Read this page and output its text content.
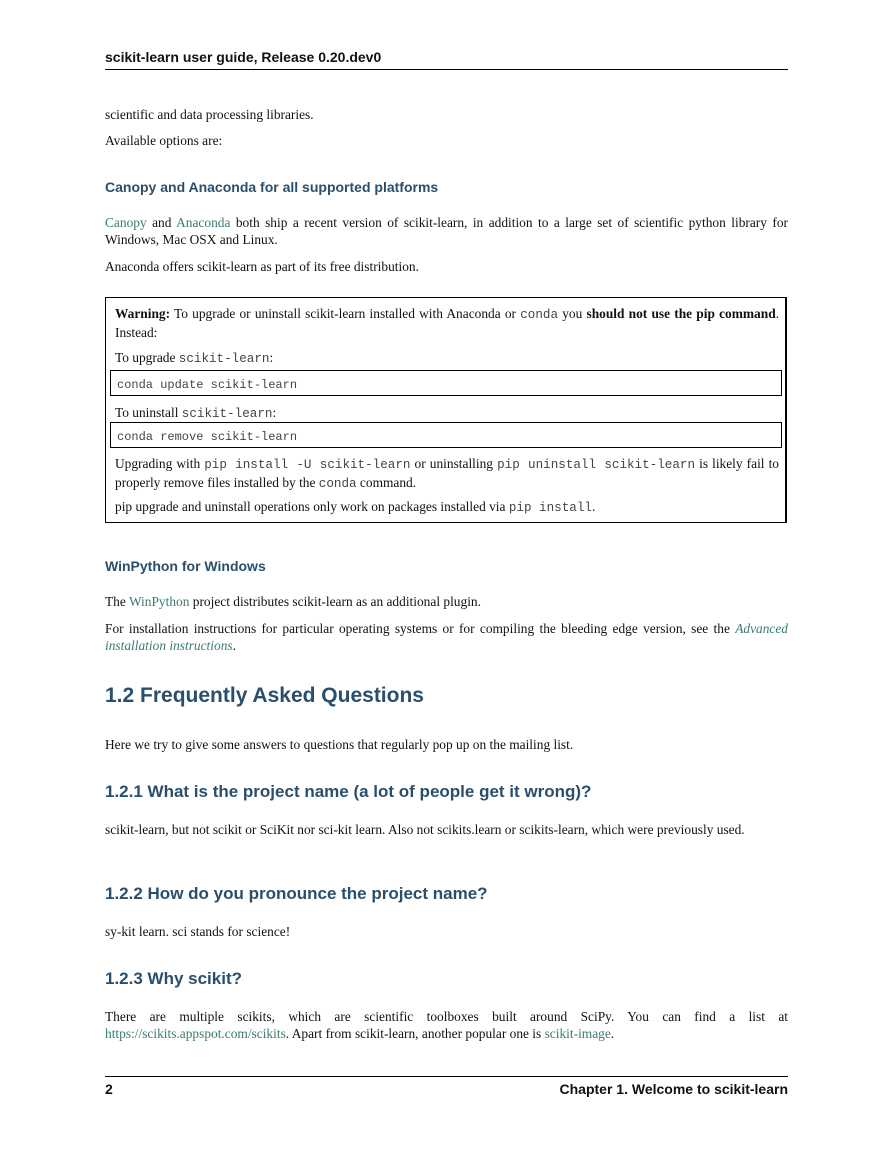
scikit-learn user guide, Release 0.20.dev0

scientific and data processing libraries.

Available options are:

Canopy and Anaconda for all supported platforms

Canopy and Anaconda both ship a recent version of scikit-learn, in addition to a large set of scientific python library for Windows, Mac OSX and Linux.

Anaconda offers scikit-learn as part of its free distribution.

Warning: To upgrade or uninstall scikit-learn installed with Anaconda or conda you should not use the pip command. Instead:

To upgrade scikit-learn:

conda update scikit-learn

To uninstall scikit-learn:

conda remove scikit-learn

Upgrading with pip install -U scikit-learn or uninstalling pip uninstall scikit-learn is likely fail to properly remove files installed by the conda command.

pip upgrade and uninstall operations only work on packages installed via pip install.

WinPython for Windows

The WinPython project distributes scikit-learn as an additional plugin.

For installation instructions for particular operating systems or for compiling the bleeding edge version, see the Advanced installation instructions.

1.2 Frequently Asked Questions

Here we try to give some answers to questions that regularly pop up on the mailing list.

1.2.1 What is the project name (a lot of people get it wrong)?

scikit-learn, but not scikit or SciKit nor sci-kit learn. Also not scikits.learn or scikits-learn, which were previously used.

1.2.2 How do you pronounce the project name?

sy-kit learn. sci stands for science!

1.2.3 Why scikit?

There are multiple scikits, which are scientific toolboxes built around SciPy. You can find a list at https://scikits.appspot.com/scikits. Apart from scikit-learn, another popular one is scikit-image.

2	Chapter 1. Welcome to scikit-learn
